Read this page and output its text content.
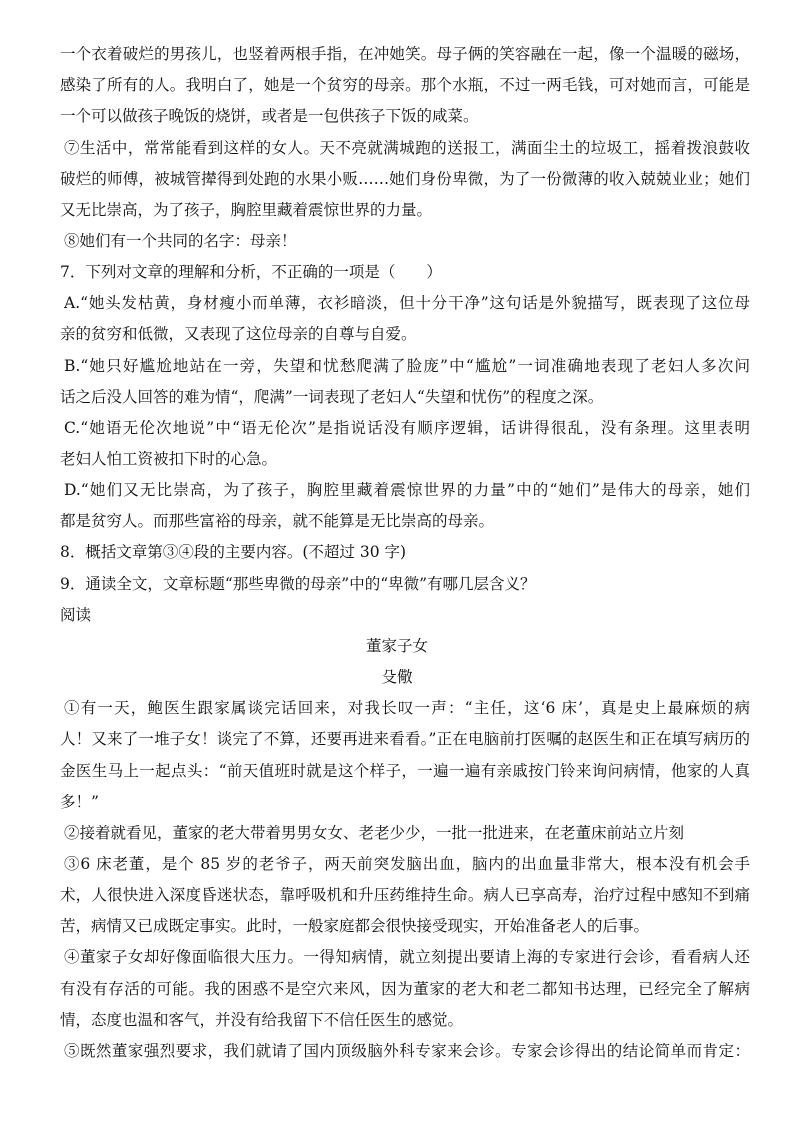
一个衣着破烂的男孩儿，也竖着两根手指，在冲她笑。母子俩的笑容融在一起，像一个温暖的磁场，
感染了所有的人。我明白了，她是一个贫穷的母亲。那个水瓶，不过一两毛钱，可对她而言，可能是
一个可以做孩子晚饭的烧饼，或者是一包供孩子下饭的咸菜。
⑦生活中，常常能看到这样的女人。天不亮就满城跑的送报工，满面尘土的垃圾工，摇着拨浪鼓收
破烂的师傅，被城管撵得到处跑的水果小贩……她们身份卑微，为了一份微薄的收入兢兢业业；她们
又无比崇高，为了孩子，胸腔里藏着震惊世界的力量。
⑧她们有一个共同的名字：母亲！
7．下列对文章的理解和分析，不正确的一项是（　　）
A.“她头发枯黄，身材瘦小而单薄，衣衫暗淡，但十分干净”这句话是外貌描写，既表现了这位母
亲的贫穷和低微，又表现了这位母亲的自尊与自爱。
B.“她只好尴尬地站在一旁，失望和忧愁爬满了脸庞”中“尴尬”一词准确地表现了老妇人多次问
话之后没人回答的难为情“，爬满”一词表现了老妇人“失望和忧伤”的程度之深。
C.“她语无伦次地说”中“语无伦次”是指说话没有顺序逻辑，话讲得很乱，没有条理。这里表明
老妇人怕工资被扣下时的心急。
D.“她们又无比崇高，为了孩子，胸腔里藏着震惊世界的力量”中的“她们”是伟大的母亲，她们
都是贫穷人。而那些富裕的母亲，就不能算是无比崇高的母亲。
8．概括文章第③④段的主要内容。(不超过 30 字)
9．通读全文，文章标题“那些卑微的母亲”中的“卑微”有哪几层含义？
阅读
董家子女
殳儆
①有一天，鲍医生跟家属谈完话回来，对我长叹一声：“主任，这‘6 床’，真是史上最麻烦的病
人！又来了一堆子女！谈完了不算，还要再进来看看。”正在电脑前打医嘱的赵医生和正在填写病历的
金医生马上一起点头：“前天值班时就是这个样子，一遍一遍有亲戚按门铃来询问病情，他家的人真
多！”
②接着就看见，董家的老大带着男男女女、老老少少，一批一批进来，在老董床前站立片刻
③6 床老董，是个 85 岁的老爷子，两天前突发脑出血，脑内的出血量非常大，根本没有机会手
术，人很快进入深度昏迷状态，靠呼吸机和升压药维持生命。病人已享高寿，治疗过程中感知不到痛
苦，病情又已成既定事实。此时，一般家庭都会很快接受现实，开始准备老人的后事。
④董家子女却好像面临很大压力。一得知病情，就立刻提出要请上海的专家进行会诊，看看病人还
有没有存活的可能。我的困惑不是空穴来风，因为董家的老大和老二都知书达理，已经完全了解病
情，态度也温和客气，并没有给我留下不信任医生的感觉。
⑤既然董家强烈要求，我们就请了国内顶级脑外科专家来会诊。专家会诊得出的结论简单而肯定：
